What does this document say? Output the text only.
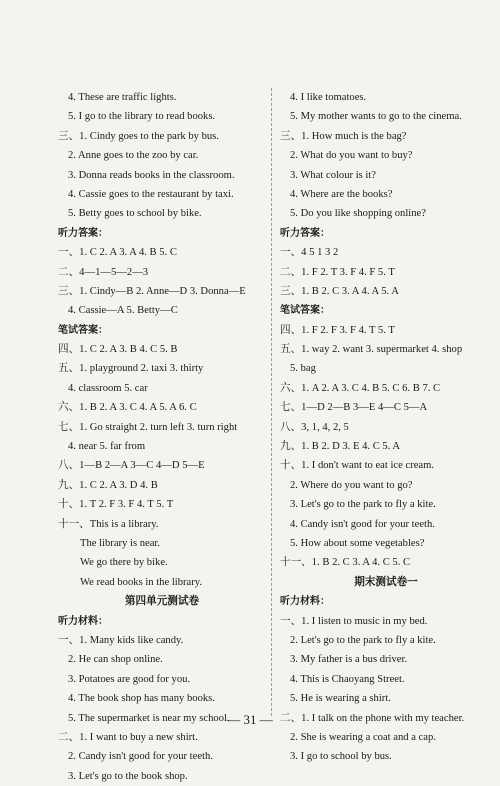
4. These are traffic lights.
5. I go to the library to read books.
三、1. Cindy goes to the park by bus.
2. Anne goes to the zoo by car.
3. Donna reads books in the classroom.
4. Cassie goes to the restaurant by taxi.
5. Betty goes to school by bike.
听力答案：
一、1. C 2. A 3. A 4. B 5. C
二、4—1—5—2—3
三、1. Cindy—B 2. Anne—D 3. Donna—E
4. Cassie—A 5. Betty—C
笔试答案：
四、1. C 2. A 3. B 4. C 5. B
五、1. playground 2. taxi 3. thirty
4. classroom 5. car
六、1. B 2. A 3. C 4. A 5. A 6. C
七、1. Go straight 2. turn left 3. turn right
4. near 5. far from
八、1—B 2—A 3—C 4—D 5—E
九、1. C 2. A 3. D 4. B
十、1. T 2. F 3. F 4. T 5. T
十一、This is a library.
The library is near.
We go there by bike.
We read books in the library.
第四单元测试卷
听力材料：
一、1. Many kids like candy.
2. He can shop online.
3. Potatoes are good for you.
4. The book shop has many books.
5. The supermarket is near my school.
二、1. I want to buy a new shirt.
2. Candy isn't good for your teeth.
3. Let's go to the book shop.
4. I like tomatoes.
5. My mother wants to go to the cinema.
三、1. How much is the bag?
2. What do you want to buy?
3. What colour is it?
4. Where are the books?
5. Do you like shopping online?
听力答案：
一、4 5 1 3 2
二、1. F 2. T 3. F 4. F 5. T
三、1. B 2. C 3. A 4. A 5. A
笔试答案：
四、1. F 2. F 3. F 4. T 5. T
五、1. way 2. want 3. supermarket 4. shop
5. bag
六、1. A 2. A 3. C 4. B 5. C 6. B 7. C
七、1—D 2—B 3—E 4—C 5—A
八、3, 1, 4, 2, 5
九、1. B 2. D 3. E 4. C 5. A
十、1. I don't want to eat ice cream.
2. Where do you want to go?
3. Let's go to the park to fly a kite.
4. Candy isn't good for your teeth.
5. How about some vegetables?
十一、1. B 2. C 3. A 4. C 5. C
期末测试卷一
听力材料：
一、1. I listen to music in my bed.
2. Let's go to the park to fly a kite.
3. My father is a bus driver.
4. This is Chaoyang Street.
5. He is wearing a shirt.
二、1. I talk on the phone with my teacher.
2. She is wearing a coat and a cap.
3. I go to school by bus.
— 31 —
